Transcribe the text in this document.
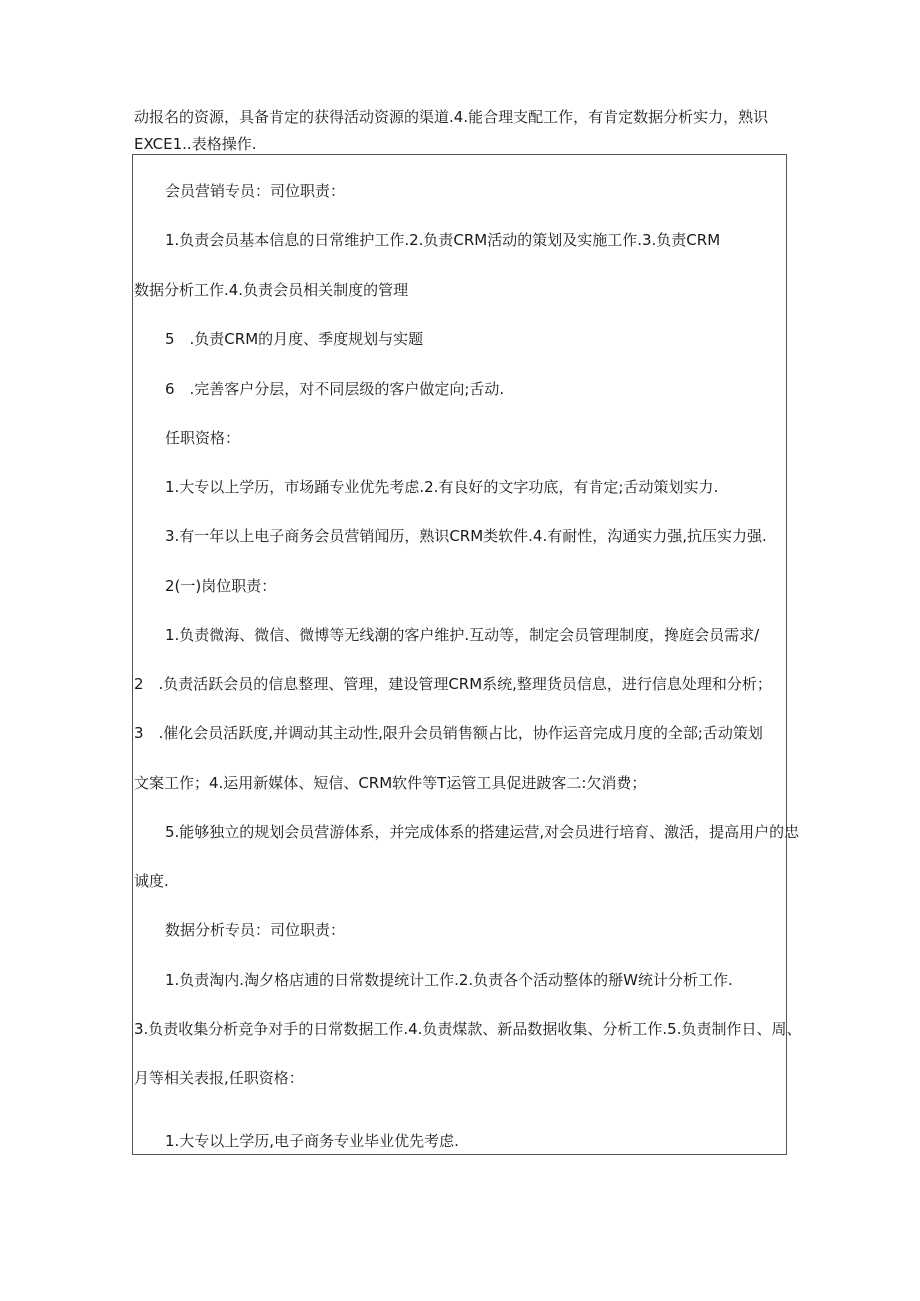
动报名的资源，具备肯定的获得活动资源的渠道.4.能合理支配工作，有肯定数据分析实力，熟识
EXCE1..表格操作.
会员营销专员：司位职责：
1.负责会员基本信息的日常维护工作.2.负责CRM活动的策划及实施工作.3.负责CRM
数据分析工作.4.负责会员相关制度的管理
5　.负责CRM的月度、季度规划与实题
6　.完善客户分层，对不同层级的客户做定向;舌动.
任职资格：
1.大专以上学历，市场踊专业优先考虑.2.有良好的文字功底，有肯定;舌动策划实力.
3.有一年以上电子商务会员营销闻历，熟识CRM类软件.4.有耐性，沟通实力强,抗压实力强.
2(一)岗位职责：
1.负责微海、微信、微博等无线潮的客户维护.互动等，制定会员管理制度，搀庭会员需求/
2　.负责活跃会员的信息整理、管理，建设管理CRM系统,整理货员信息，进行信息处理和分析；
3　.催化会员活跃度,并调动其主动性,限升会员销售额占比，协作运音完成月度的全部;舌动策划
文案工作；4.运用新媒体、短信、CRM软件等T运管工具促进跛客二:欠消费；
5.能够独立的规划会员营游体系，并完成体系的搭建运营,对会员进行培育、激活，提高用户的忠
诚度.
数据分析专员：司位职责：
1.负责淘内.淘夕格店逋的日常数提统计工作.2.负责各个活动整体的掰W统计分析工作.
3.负责收集分析竞争对手的日常数据工作.4.负责煤款、新品数据收集、分析工作.5.负责制作日、周、
月等相关表报,任职资格：
1.大专以上学历,电子商务专业毕业优先考虑.
